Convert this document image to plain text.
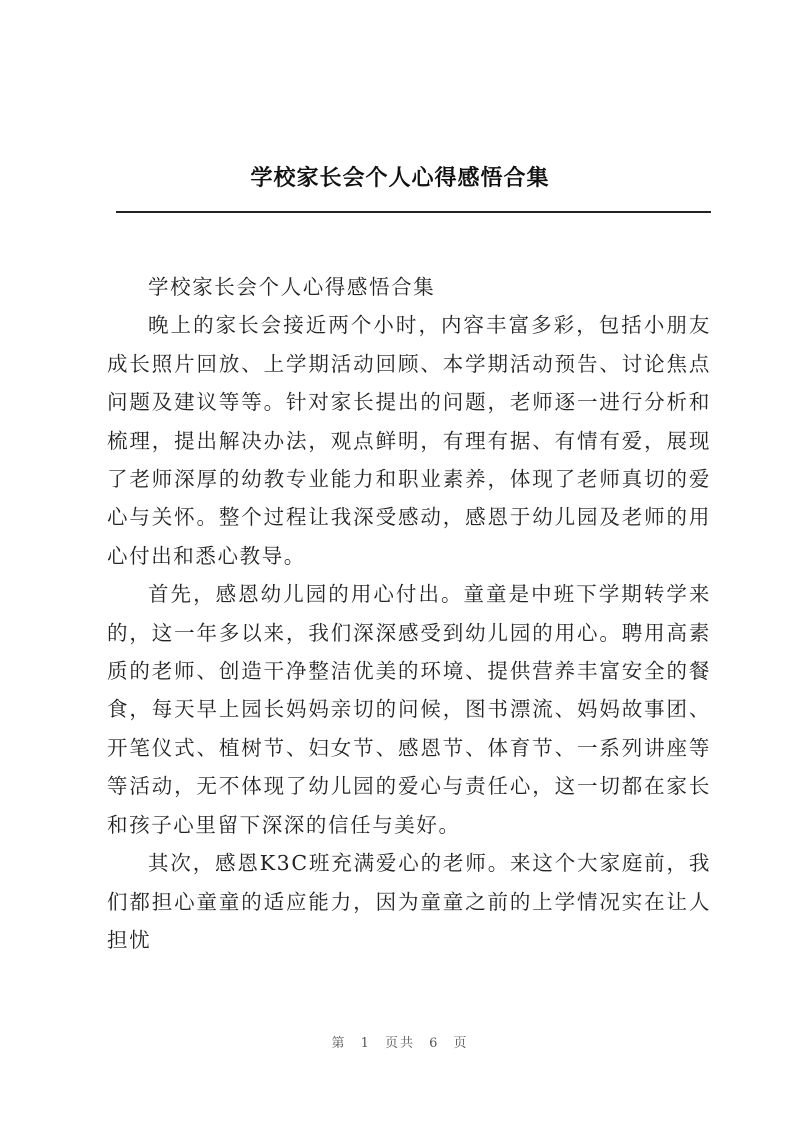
学校家长会个人心得感悟合集

学校家长会个人心得感悟合集

晚上的家长会接近两个小时，内容丰富多彩，包括小朋友成长照片回放、上学期活动回顾、本学期活动预告、讨论焦点问题及建议等等。针对家长提出的问题，老师逐一进行分析和梳理，提出解决办法，观点鲜明，有理有据、有情有爱，展现了老师深厚的幼教专业能力和职业素养，体现了老师真切的爱心与关怀。整个过程让我深受感动，感恩于幼儿园及老师的用心付出和悉心教导。

首先，感恩幼儿园的用心付出。童童是中班下学期转学来的，这一年多以来，我们深深感受到幼儿园的用心。聘用高素质的老师、创造干净整洁优美的环境、提供营养丰富安全的餐食，每天早上园长妈妈亲切的问候，图书漂流、妈妈故事团、开笔仪式、植树节、妇女节、感恩节、体育节、一系列讲座等等活动，无不体现了幼儿园的爱心与责任心，这一切都在家长和孩子心里留下深深的信任与美好。

其次，感恩K3C班充满爱心的老师。来这个大家庭前，我们都担心童童的适应能力，因为童童之前的上学情况实在让人担忧

第 1 页共 6 页
